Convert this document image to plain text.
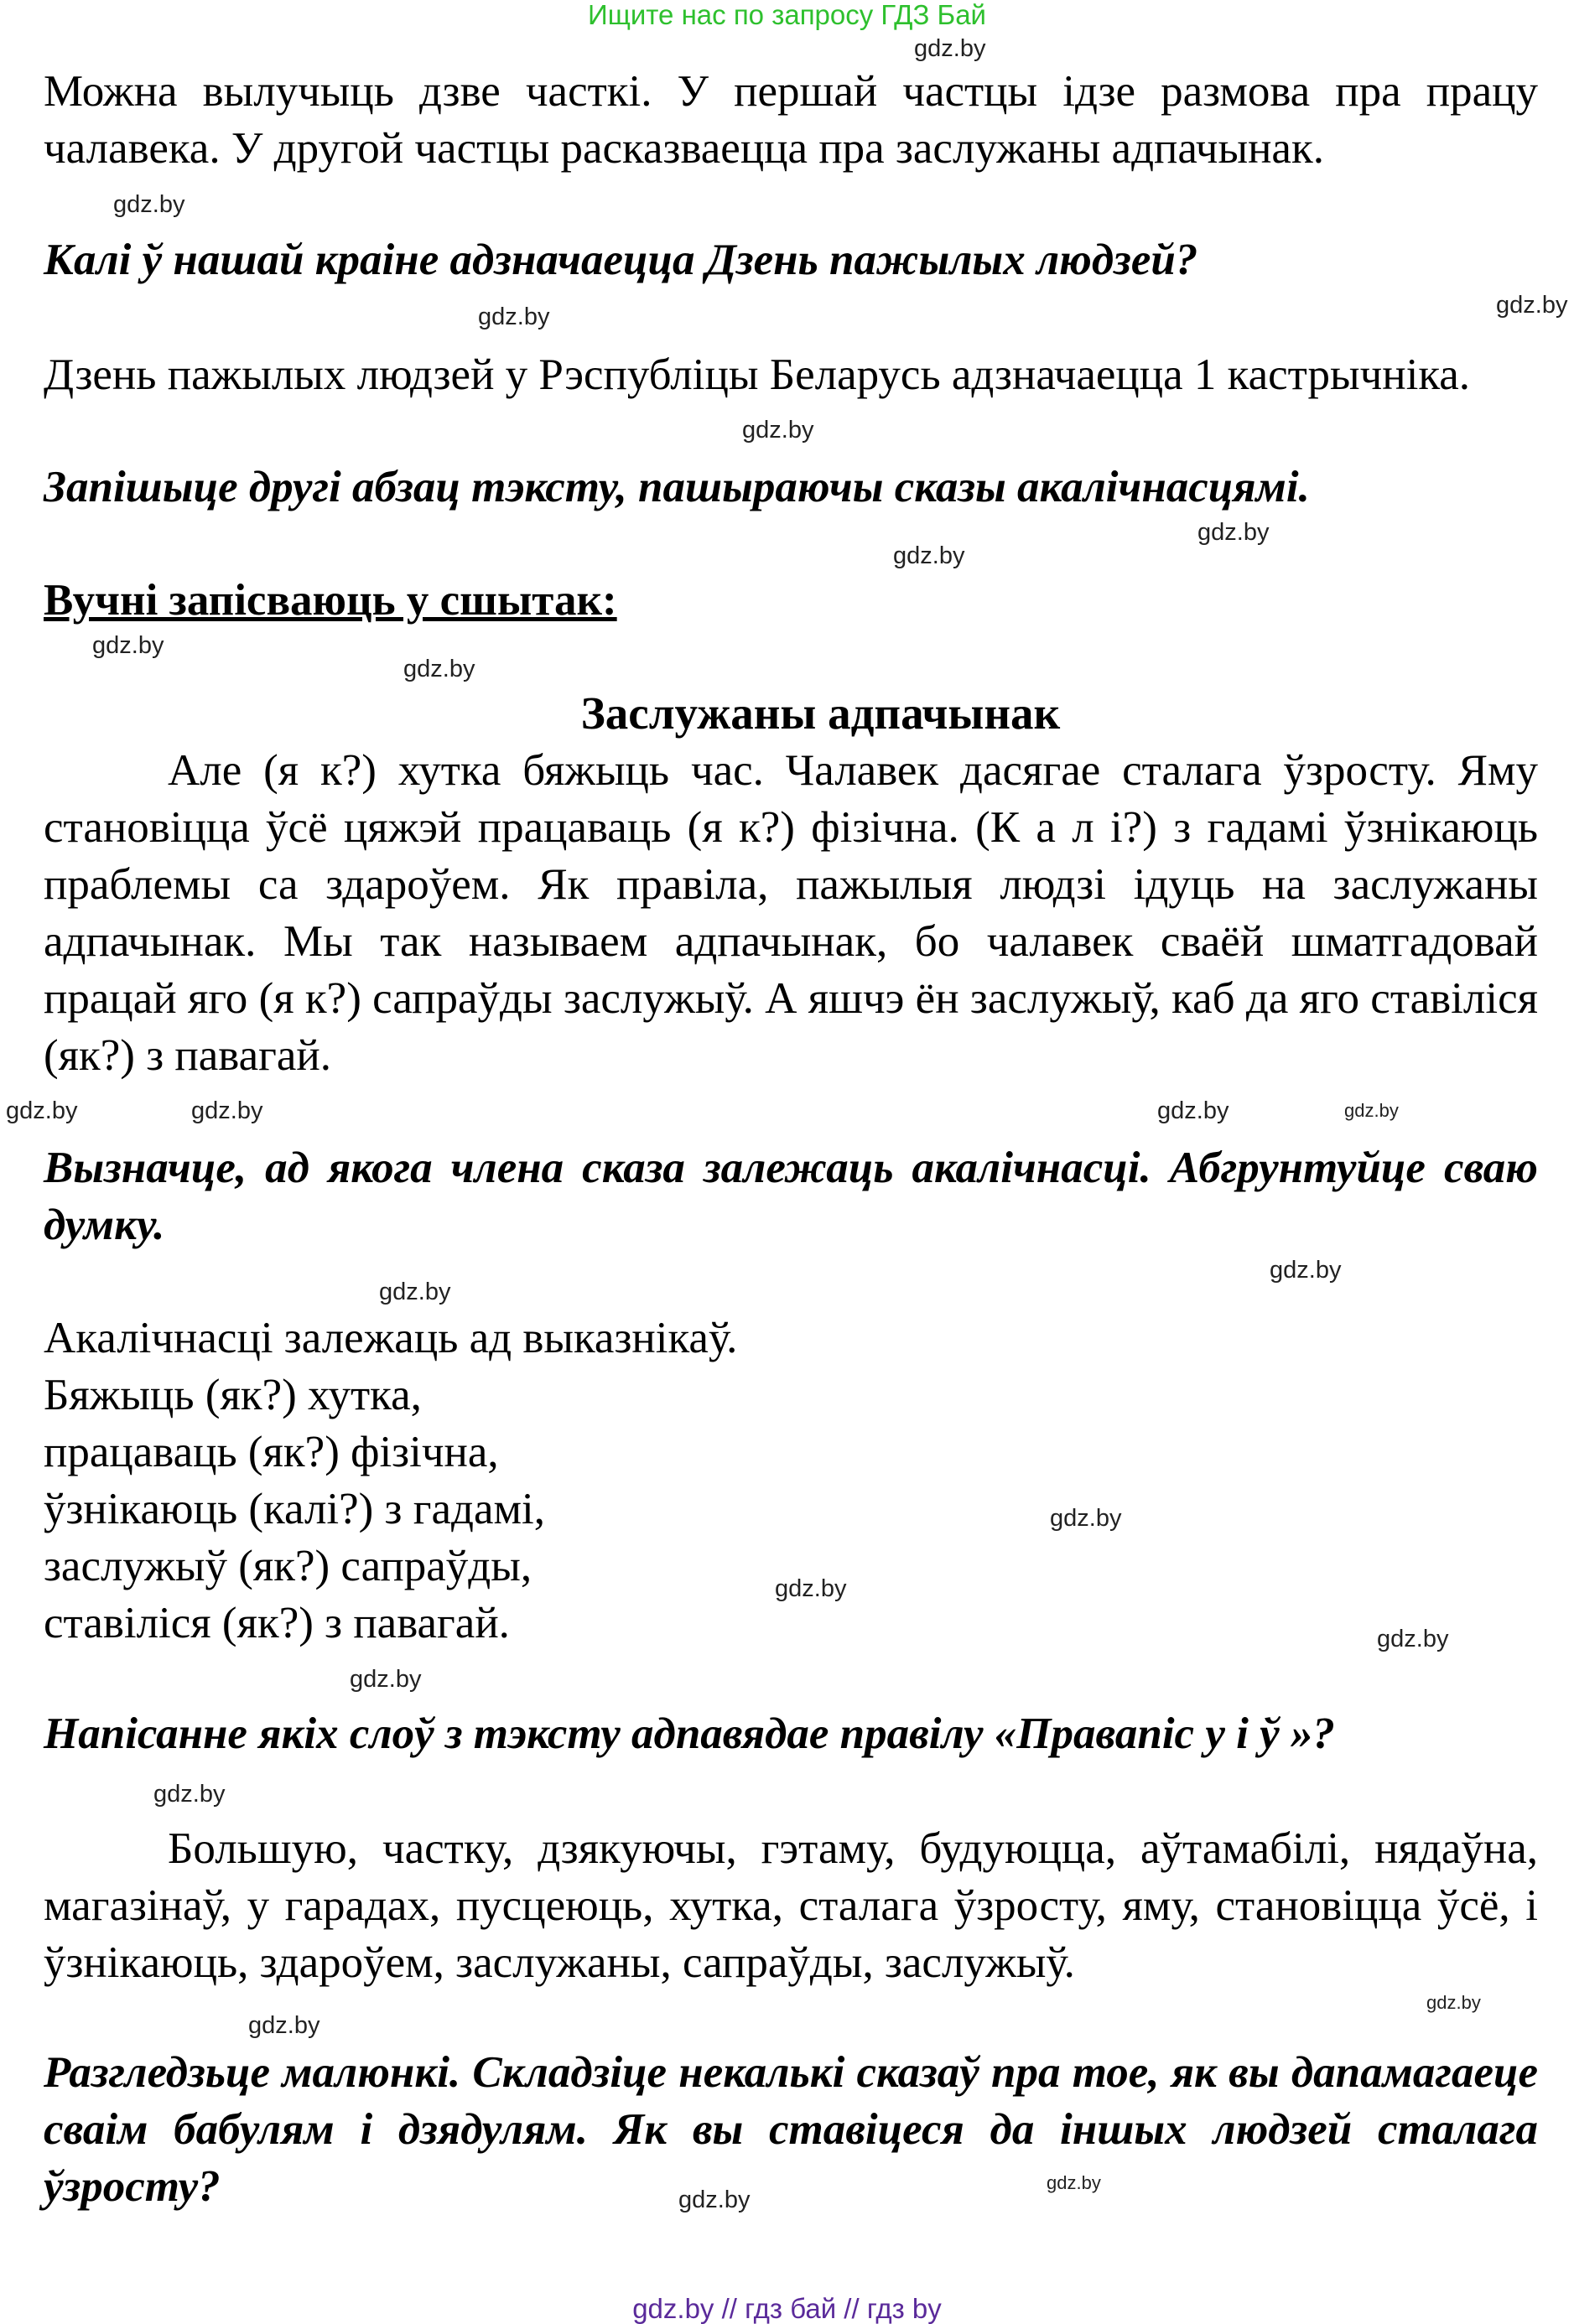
Ищите нас по запросу ГДЗ Бай
gdz.by
Можна вылучыць дзве часткі. У першай частцы ідзе размова пра працу чалавека. У другой частцы расказваецца пра заслужаны адпачынак.
gdz.by
Калі ў нашай краіне адзначаецца Дзень пажылых людзей?
gdz.by	gdz.by
Дзень пажылых людзей у Рэспубліцы Беларусь адзначаецца 1 кастрычніка.
gdz.by
Запішыце другі абзац тэксту, пашыраючы сказы акалічнасцямі.
gdz.by
gdz.by
Вучні запісваюць у сшытак:
gdz.by
gdz.by
Заслужаны адпачынак
Але (я к?) хутка бяжыць час. Чалавек дасягае сталага ўзросту. Яму становіцца ўсё цяжэй працаваць (я к?) фізічна. (К а л і?) з гадамі ўзнікаюць праблемы са здароўем. Як правіла, пажылыя людзі ідуць на заслужаны адпачынак. Мы так называем адпачынак, бо чалавек сваёй шматгадовай працай яго (я к?) сапраўды заслужыў. А яшчэ ён заслужыў, каб да яго ставіліся (як?) з павагай.
gdz.by	gdz.by	gdz.by	gdz.by
Вызначце, ад якога члена сказа залежаць акалічнасці. Абгрунтуйце сваю думку.
gdz.by
gdz.by
Акалічнасці залежаць ад выказнікаў.
Бяжыць (як?) хутка,
працаваць (як?) фізічна,
ўзнікаюць (калі?) з гадамі,
заслужыў (як?) сапраўды,
ставіліся (як?) з павагай.
gdz.by
gdz.by
gdz.by
gdz.by
Напісанне якіх слоў з тэксту адпавядае правілу «Правапіс у і ў »?
gdz.by
Большую, частку, дзякуючы, гэтаму, будуюцца, аўтамабілі, нядаўна, магазінаў, у гарадах, пусцеюць, хутка, сталага ўзросту, яму, становіцца ўсё, і ўзнікаюць, здароўем, заслужаны, сапраўды, заслужыў.
gdz.by
gdz.by
Разгледзьце малюнкі. Складзіце некалькі сказаў пра тое, як вы дапамагаеце сваім бабулям і дзядулям. Як вы ставіцеся да іншых людзей сталага ўзросту?	gdz.by
gdz.by
gdz.by // гдз бай // гдз by
